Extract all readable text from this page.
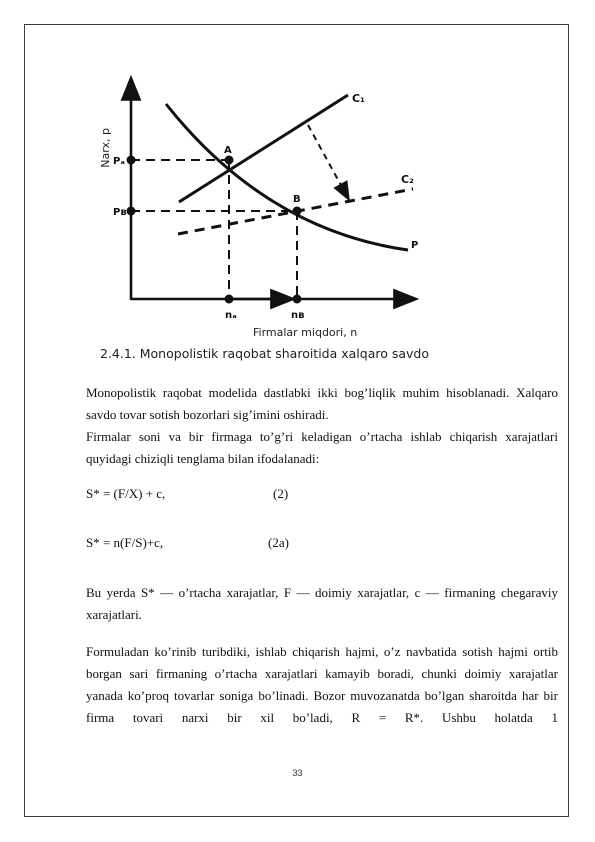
Narx, p
C₁
C₂
P
A
B
Pₐ
Pʙ
nₐ	nʙ
Firmalar miqdori, n
2.4.1. Monopolistik raqobat sharoitida xalqaro savdo
Monopolistik raqobat modelida dastlabki ikki bog’liqlik muhim hisoblanadi. Xalqaro savdo tovar sotish bozorlari sig’imini oshiradi.
Firmalar soni va bir firmaga to’g’ri keladigan o’rtacha ishlab chiqarish xarajatlari quyidagi chiziqli tenglama bilan ifodalanadi:
S* = (F/X) + c,	(2)
S* = n(F/S)+c,	(2a)
Bu yerda S* — o’rtacha xarajatlar, F — doimiy xarajatlar, c — firmaning chegaraviy xarajatlari.
Formuladan ko’rinib turibdiki, ishlab chiqarish hajmi, o’z navbatida sotish hajmi ortib borgan sari firmaning o’rtacha xarajatlari kamayib boradi, chunki doimiy xarajatlar yanada ko’proq tovarlar soniga bo’linadi. Bozor muvozanatda bo’lgan sharoitda har bir firma tovari narxi bir xil bo’ladi, R = R*. Ushbu holatda 1
33
